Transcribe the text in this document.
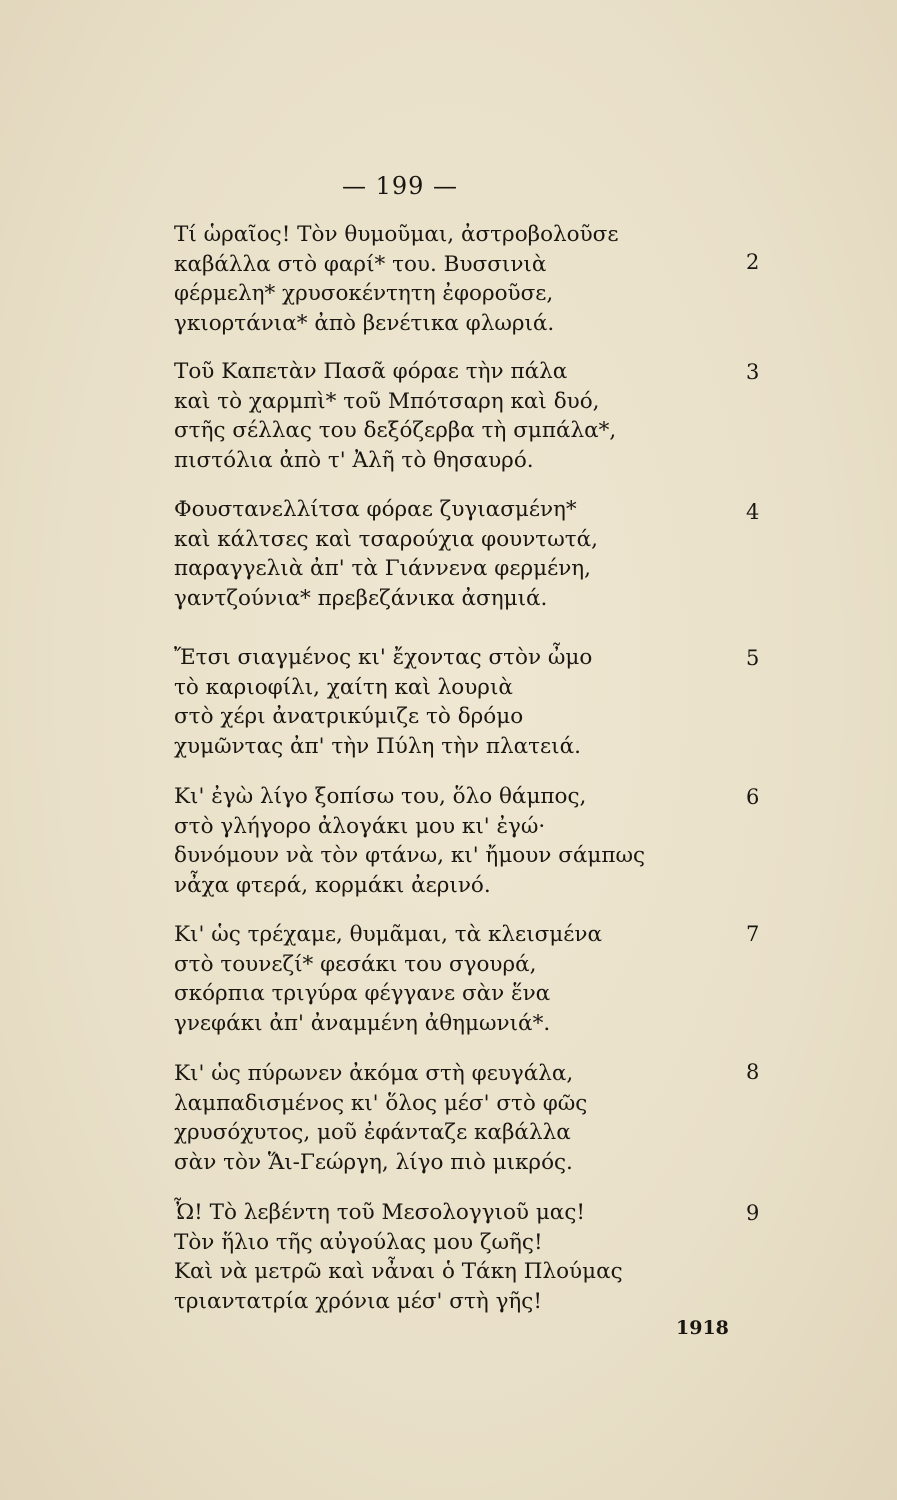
— 199 —
Τί ὡραῖος! Τὸν θυμοῦμαι, ἀστροβολοῦσε
καβάλλα στὸ φαρί* του. Βυσσινιὰ
φέρμελη* χρυσοκέντητη ἐφοροῦσε,
γκιορτάνια* ἀπὸ βενέτικα φλωριά.
2
Τοῦ Καπετὰν Πασᾶ φόραε τὴν πάλα
καὶ τὸ χαρμπὶ* τοῦ Μπότσαρη καὶ δυό,
στῆς σέλλας του δεξόζερβα τὴ σμπάλα*,
πιστόλια ἀπὸ τ' Ἀλῆ τὸ θησαυρό.
3
Φουστανελλίτσα φόραε ζυγιασμένη*
καὶ κάλτσες καὶ τσαρούχια φουντωτά,
παραγγελιὰ ἀπ' τὰ Γιάννενα φερμένη,
γαντζούνια* πρεβεζάνικα ἀσημιά.
4
Ἔτσι σιαγμένος κι' ἔχοντας στὸν ὦμο
τὸ καριοφίλι, χαίτη καὶ λουριὰ
στὸ χέρι ἀνατρικύμιζε τὸ δρόμο
χυμῶντας ἀπ' τὴν Πύλη τὴν πλατειά.
5
Κι' ἐγὼ λίγο ξοπίσω του, ὅλο θάμπος,
στὸ γλήγορο ἀλογάκι μου κι' ἐγώ·
δυνόμουν νὰ τὸν φτάνω, κι' ἤμουν σάμπως
νἆχα φτερά, κορμάκι ἀερινό.
6
Κι' ὡς τρέχαμε, θυμᾶμαι, τὰ κλεισμένα
στὸ τουνεζί* φεσάκι του σγουρά,
σκόρπια τριγύρα φέγγανε σὰν ἕνα
γνεφάκι ἀπ' ἀναμμένη ἀθημωνιά*.
7
Κι' ὡς πύρωνεν ἀκόμα στὴ φευγάλα,
λαμπαδισμένος κι' ὅλος μέσ' στὸ φῶς
χρυσόχυτος, μοῦ ἐφάνταζε καβάλλα
σὰν τὸν Ἅι-Γεώργη, λίγο πιὸ μικρός.
8
Ὦ! Τὸ λεβέντη τοῦ Μεσολογγιοῦ μας!
Τὸν ἥλιο τῆς αὐγούλας μου ζωῆς!
Καὶ νὰ μετρῶ καὶ νἆναι ὁ Τάκη Πλούμας
τριαντατρία χρόνια μέσ' στὴ γῆς!
9
1918
